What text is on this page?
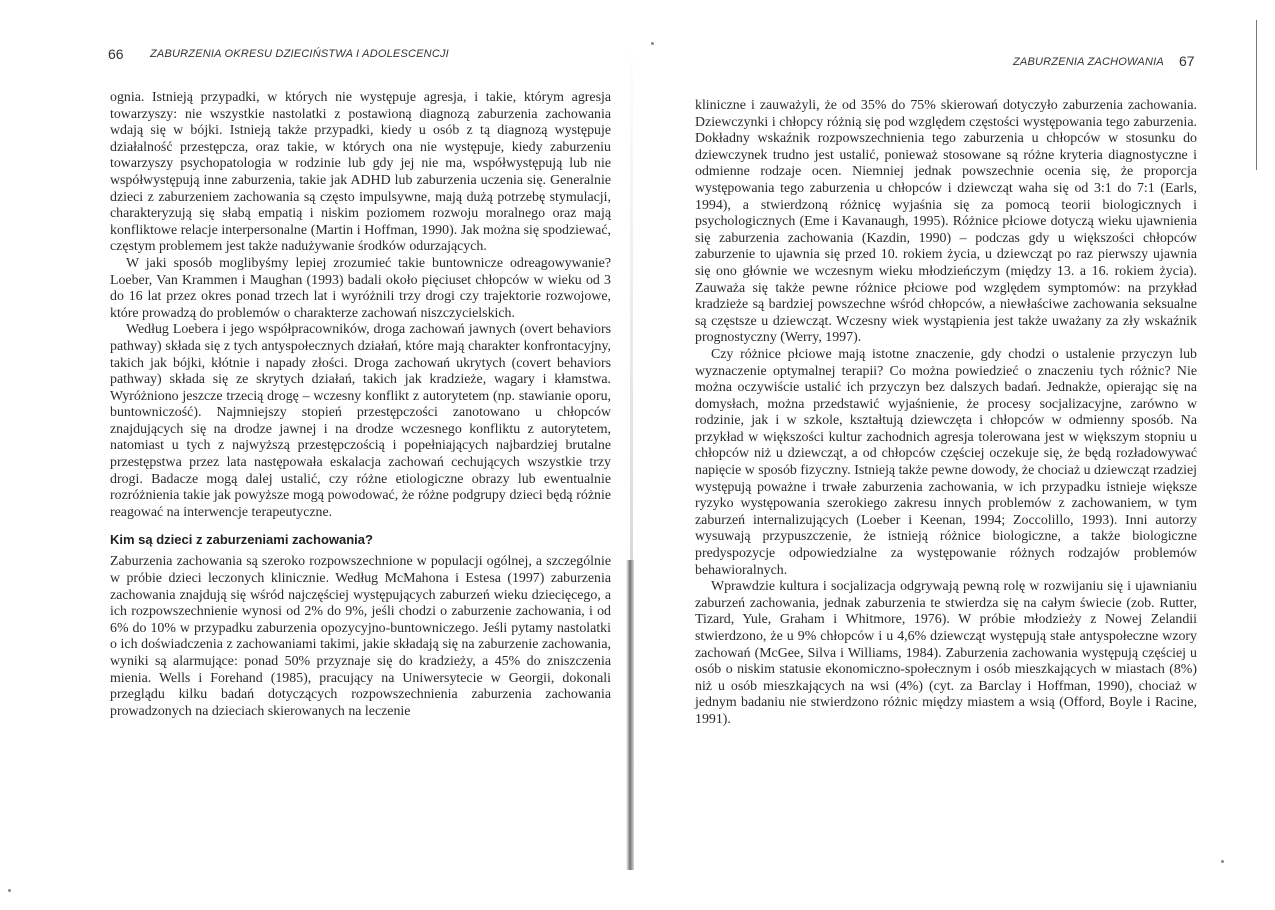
66 ZABURZENIA OKRESU DZIECIŃSTWA I ADOLESCENCJI

ognia. Istnieją przypadki, w których nie występuje agresja, i takie, którym agresja towarzyszy: nie wszystkie nastolatki z postawioną diagnozą zaburzenia zachowania wdają się w bójki. Istnieją także przypadki, kiedy u osób z tą diagnozą występuje działalność przestępcza, oraz takie, w których ona nie występuje, kiedy zaburzeniu towarzyszy psychopatologia w rodzinie lub gdy jej nie ma, współwystępują lub nie współwystępują inne zaburzenia, takie jak ADHD lub zaburzenia uczenia się. Generalnie dzieci z zaburzeniem zachowania są często impulsywne, mają dużą potrzebę stymulacji, charakteryzują się słabą empatią i niskim poziomem rozwoju moralnego oraz mają konfliktowe relacje interpersonalne (Martin i Hoffman, 1990). Jak można się spodziewać, częstym problemem jest także nadużywanie środków odurzających.

W jaki sposób moglibyśmy lepiej zrozumieć takie buntownicze odreagowywanie? Loeber, Van Krammen i Maughan (1993) badali około pięciuset chłopców w wieku od 3 do 16 lat przez okres ponad trzech lat i wyróżnili trzy drogi czy trajektorie rozwojowe, które prowadzą do problemów o charakterze zachowań niszczycielskich.

Według Loebera i jego współpracowników, droga zachowań jawnych (overt behaviors pathway) składa się z tych antyspołecznych działań, które mają charakter konfrontacyjny, takich jak bójki, kłótnie i napady złości. Droga zachowań ukrytych (covert behaviors pathway) składa się ze skrytych działań, takich jak kradzieże, wagary i kłamstwa. Wyróżniono jeszcze trzecią drogę – wczesny konflikt z autorytetem (np. stawianie oporu, buntowniczość). Najmniejszy stopień przestępczości zanotowano u chłopców znajdujących się na drodze jawnej i na drodze wczesnego konfliktu z autorytetem, natomiast u tych z najwyższą przestępczością i popełniających najbardziej brutalne przestępstwa przez lata następowała eskalacja zachowań cechujących wszystkie trzy drogi. Badacze mogą dalej ustalić, czy różne etiologiczne obrazy lub ewentualnie rozróżnienia takie jak powyższe mogą powodować, że różne podgrupy dzieci będą różnie reagować na interwencje terapeutyczne.

Kim są dzieci z zaburzeniami zachowania?

Zaburzenia zachowania są szeroko rozpowszechnione w populacji ogólnej, a szczególnie w próbie dzieci leczonych klinicznie. Według McMahona i Estesa (1997) zaburzenia zachowania znajdują się wśród najczęściej występujących zaburzeń wieku dziecięcego, a ich rozpowszechnienie wynosi od 2% do 9%, jeśli chodzi o zaburzenie zachowania, i od 6% do 10% w przypadku zaburzenia opozycyjno-buntowniczego. Jeśli pytamy nastolatki o ich doświadczenia z zachowaniami takimi, jakie składają się na zaburzenie zachowania, wyniki są alarmujące: ponad 50% przyznaje się do kradzieży, a 45% do zniszczenia mienia. Wells i Forehand (1985), pracujący na Uniwersytecie w Georgii, dokonali przeglądu kilku badań dotyczących rozpowszechnienia zaburzenia zachowania prowadzonych na dzieciach skierowanych na leczenie

ZABURZENIA ZACHOWANIA 67

kliniczne i zauważyli, że od 35% do 75% skierowań dotyczyło zaburzenia zachowania. Dziewczynki i chłopcy różnią się pod względem częstości występowania tego zaburzenia. Dokładny wskaźnik rozpowszechnienia tego zaburzenia u chłopców w stosunku do dziewczynek trudno jest ustalić, ponieważ stosowane są różne kryteria diagnostyczne i odmienne rodzaje ocen. Niemniej jednak powszechnie ocenia się, że proporcja występowania tego zaburzenia u chłopców i dziewcząt waha się od 3:1 do 7:1 (Earls, 1994), a stwierdzoną różnicę wyjaśnia się za pomocą teorii biologicznych i psychologicznych (Eme i Kavanaugh, 1995). Różnice płciowe dotyczą wieku ujawnienia się zaburzenia zachowania (Kazdin, 1990) – podczas gdy u większości chłopców zaburzenie to ujawnia się przed 10. rokiem życia, u dziewcząt po raz pierwszy ujawnia się ono głównie we wczesnym wieku młodzieńczym (między 13. a 16. rokiem życia). Zauważa się także pewne różnice płciowe pod względem symptomów: na przykład kradzieże są bardziej powszechne wśród chłopców, a niewłaściwe zachowania seksualne są częstsze u dziewcząt. Wczesny wiek wystąpienia jest także uważany za zły wskaźnik prognostyczny (Werry, 1997).

Czy różnice płciowe mają istotne znaczenie, gdy chodzi o ustalenie przyczyn lub wyznaczenie optymalnej terapii? Co można powiedzieć o znaczeniu tych różnic? Nie można oczywiście ustalić ich przyczyn bez dalszych badań. Jednakże, opierając się na domysłach, można przedstawić wyjaśnienie, że procesy socjalizacyjne, zarówno w rodzinie, jak i w szkole, kształtują dziewczęta i chłopców w odmienny sposób. Na przykład w większości kultur zachodnich agresja tolerowana jest w większym stopniu u chłopców niż u dziewcząt, a od chłopców częściej oczekuje się, że będą rozładowywać napięcie w sposób fizyczny. Istnieją także pewne dowody, że chociaż u dziewcząt rzadziej występują poważne i trwałe zaburzenia zachowania, w ich przypadku istnieje większe ryzyko występowania szerokiego zakresu innych problemów z zachowaniem, w tym zaburzeń internalizujących (Loeber i Keenan, 1994; Zoccolillo, 1993). Inni autorzy wysuwają przypuszczenie, że istnieją różnice biologiczne, a także biologiczne predyspozycje odpowiedzialne za występowanie różnych rodzajów problemów behawioralnych.

Wprawdzie kultura i socjalizacja odgrywają pewną rolę w rozwijaniu się i ujawnianiu zaburzeń zachowania, jednak zaburzenia te stwierdza się na całym świecie (zob. Rutter, Tizard, Yule, Graham i Whitmore, 1976). W próbie młodzieży z Nowej Zelandii stwierdzono, że u 9% chłopców i u 4,6% dziewcząt występują stałe antyspołeczne wzory zachowań (McGee, Silva i Williams, 1984). Zaburzenia zachowania występują częściej u osób o niskim statusie ekonomiczno-społecznym i osób mieszkających w miastach (8%) niż u osób mieszkających na wsi (4%) (cyt. za Barclay i Hoffman, 1990), chociaż w jednym badaniu nie stwierdzono różnic między miastem a wsią (Offord, Boyle i Racine, 1991).
